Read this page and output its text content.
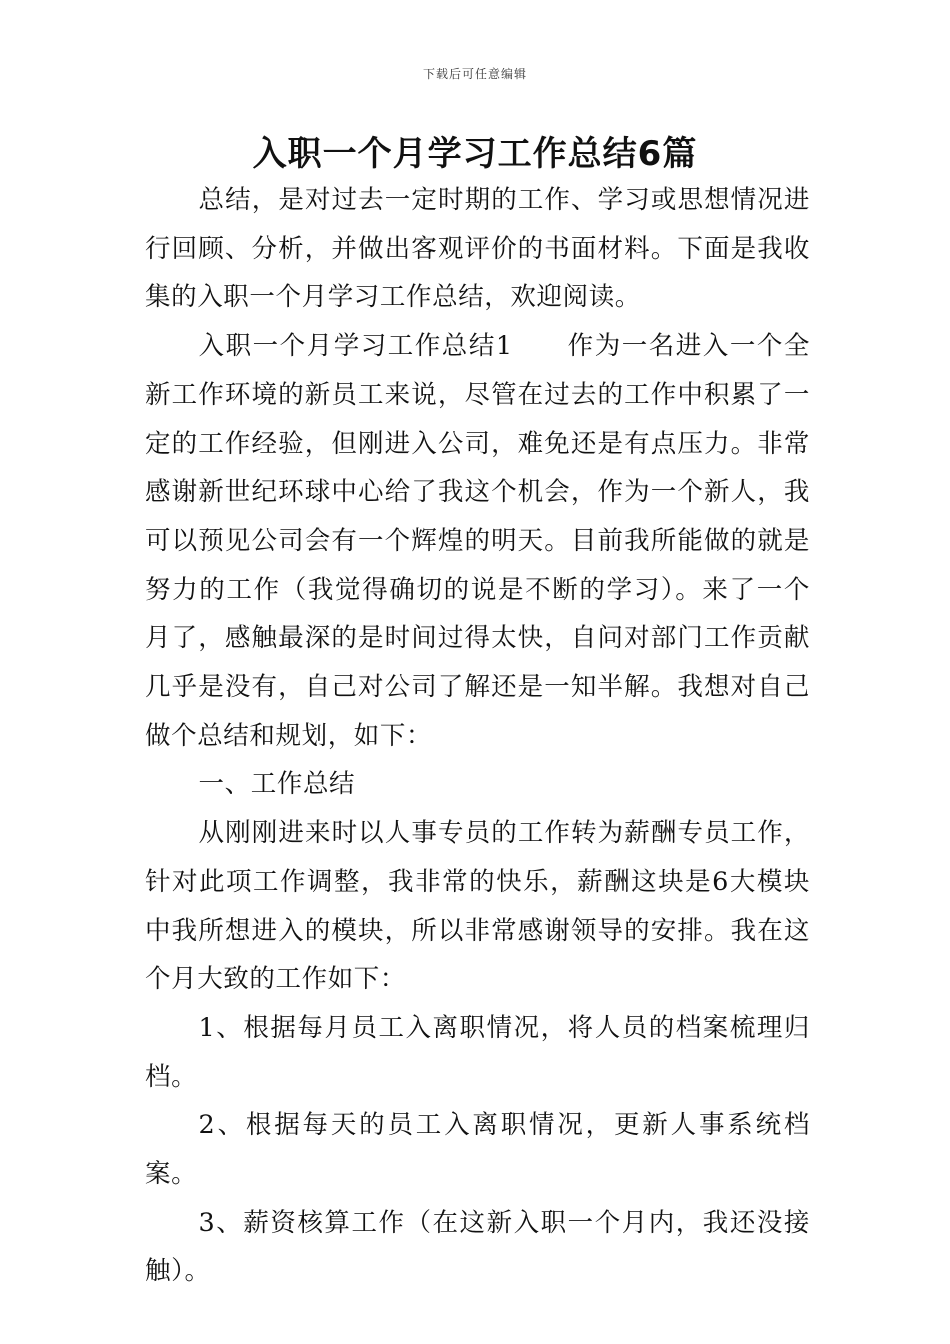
下载后可任意编辑
入职一个月学习工作总结6篇

总结，是对过去一定时期的工作、学习或思想情况进行回顾、分析，并做出客观评价的书面材料。下面是我收集的入职一个月学习工作总结，欢迎阅读。

入职一个月学习工作总结1　　作为一名进入一个全新工作环境的新员工来说，尽管在过去的工作中积累了一定的工作经验，但刚进入公司，难免还是有点压力。非常感谢新世纪环球中心给了我这个机会，作为一个新人，我可以预见公司会有一个辉煌的明天。目前我所能做的就是努力的工作（我觉得确切的说是不断的学习）。来了一个月了，感触最深的是时间过得太快，自问对部门工作贡献几乎是没有，自己对公司了解还是一知半解。我想对自己做个总结和规划，如下：

一、工作总结

从刚刚进来时以人事专员的工作转为薪酬专员工作，针对此项工作调整，我非常的快乐，薪酬这块是6大模块中我所想进入的模块，所以非常感谢领导的安排。我在这个月大致的工作如下：

1、根据每月员工入离职情况，将人员的档案梳理归档。

2、根据每天的员工入离职情况，更新人事系统档案。

3、薪资核算工作（在这新入职一个月内，我还没接触）。
